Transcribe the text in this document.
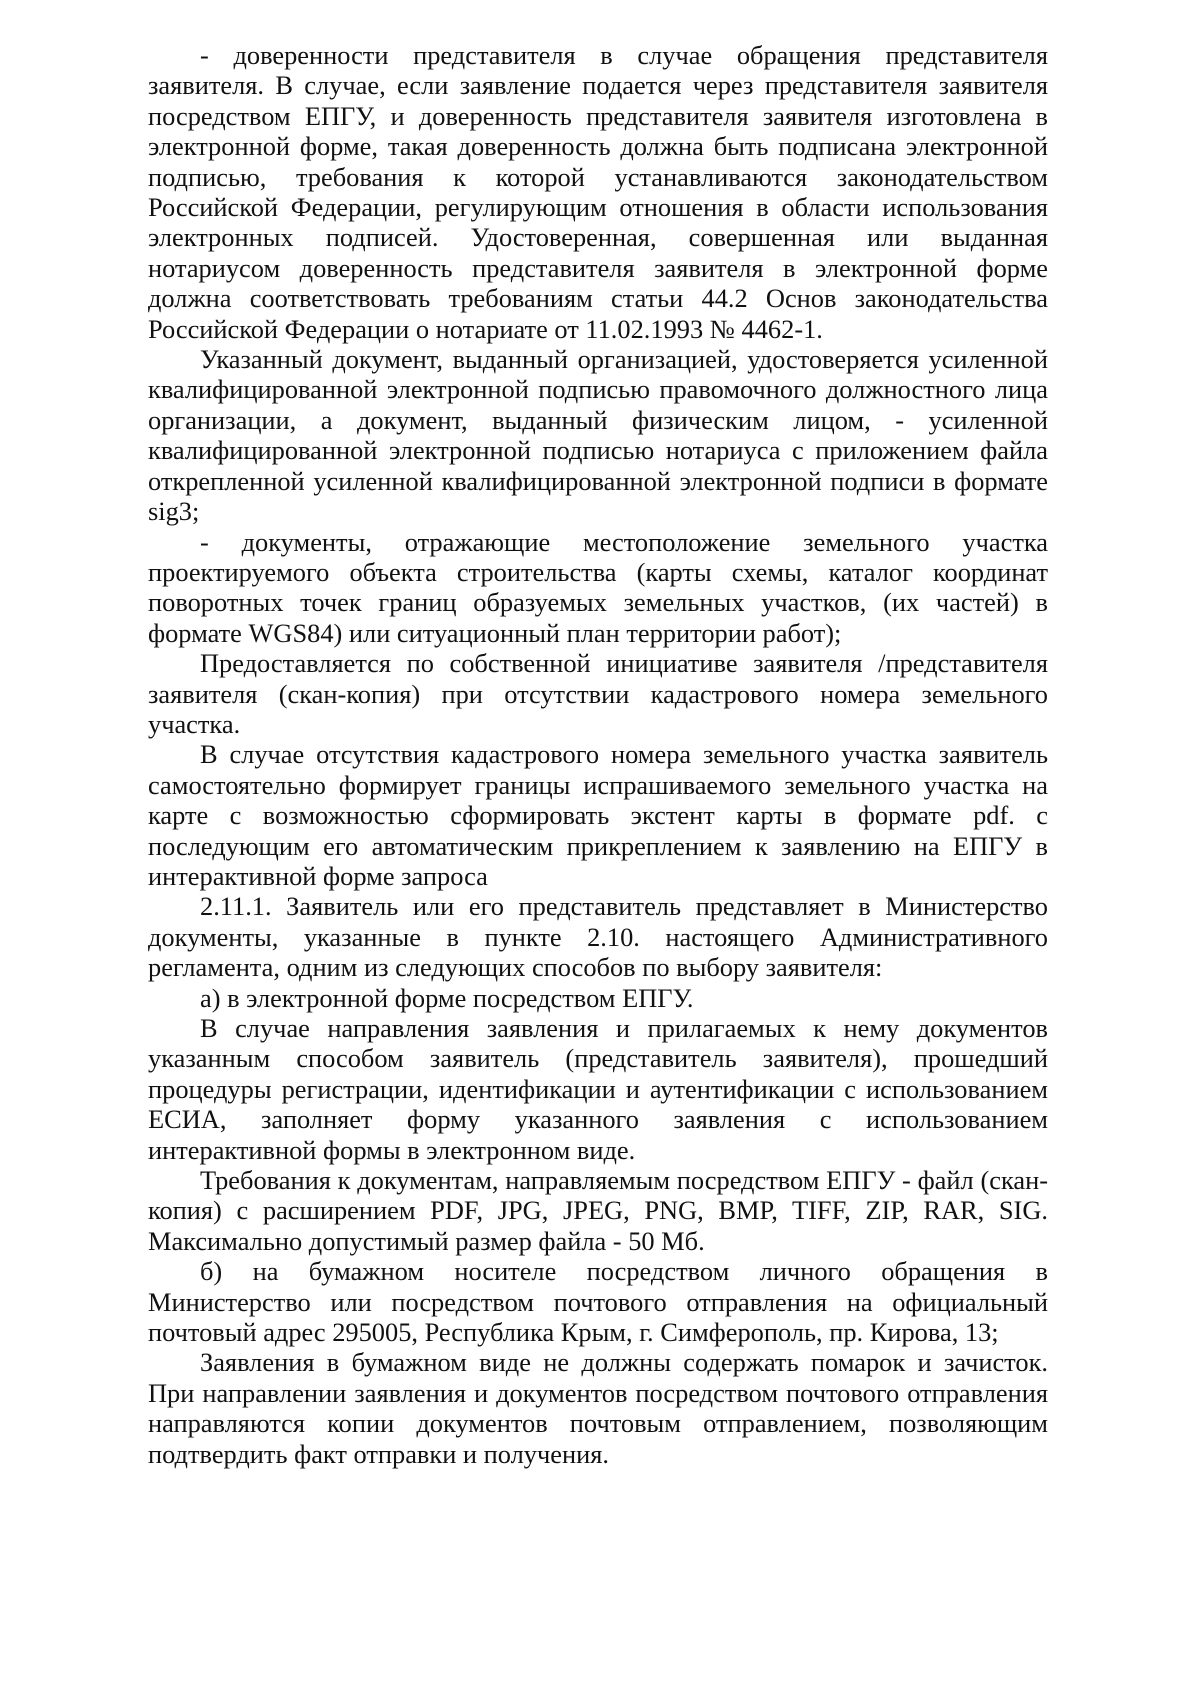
- доверенности представителя в случае обращения представителя заявителя. В случае, если заявление подается через представителя заявителя посредством ЕПГУ, и доверенность представителя заявителя изготовлена в электронной форме, такая доверенность должна быть подписана электронной подписью, требования к которой устанавливаются законодательством Российской Федерации, регулирующим отношения в области использования электронных подписей. Удостоверенная, совершенная или выданная нотариусом доверенность представителя заявителя в электронной форме должна соответствовать требованиям статьи 44.2 Основ законодательства Российской Федерации о нотариате от 11.02.1993 № 4462-1.

Указанный документ, выданный организацией, удостоверяется усиленной квалифицированной электронной подписью правомочного должностного лица организации, а документ, выданный физическим лицом, - усиленной квалифицированной электронной подписью нотариуса с приложением файла открепленной усиленной квалифицированной электронной подписи в формате sig3;

- документы, отражающие местоположение земельного участка проектируемого объекта строительства (карты схемы, каталог координат поворотных точек границ образуемых земельных участков, (их частей) в формате WGS84) или ситуационный план территории работ);

Предоставляется по собственной инициативе заявителя /представителя заявителя (скан-копия) при отсутствии кадастрового номера земельного участка.

В случае отсутствия кадастрового номера земельного участка заявитель самостоятельно формирует границы испрашиваемого земельного участка на карте с возможностью сформировать экстент карты в формате pdf. с последующим его автоматическим прикреплением к заявлению на ЕПГУ в интерактивной форме запроса

2.11.1. Заявитель или его представитель представляет в Министерство документы, указанные в пункте 2.10. настоящего Административного регламента, одним из следующих способов по выбору заявителя:

а) в электронной форме посредством ЕПГУ.

В случае направления заявления и прилагаемых к нему документов указанным способом заявитель (представитель заявителя), прошедший процедуры регистрации, идентификации и аутентификации с использованием ЕСИА, заполняет форму указанного заявления с использованием интерактивной формы в электронном виде.

Требования к документам, направляемым посредством ЕПГУ - файл (скан-копия) с расширением PDF, JPG, JPEG, PNG, BMP, TIFF, ZIP, RAR, SIG. Максимально допустимый размер файла - 50 Мб.

б) на бумажном носителе посредством личного обращения в Министерство или посредством почтового отправления на официальный почтовый адрес 295005, Республика Крым, г. Симферополь, пр. Кирова, 13;

Заявления в бумажном виде не должны содержать помарок и зачисток. При направлении заявления и документов посредством почтового отправления направляются копии документов почтовым отправлением, позволяющим подтвердить факт отправки и получения.
